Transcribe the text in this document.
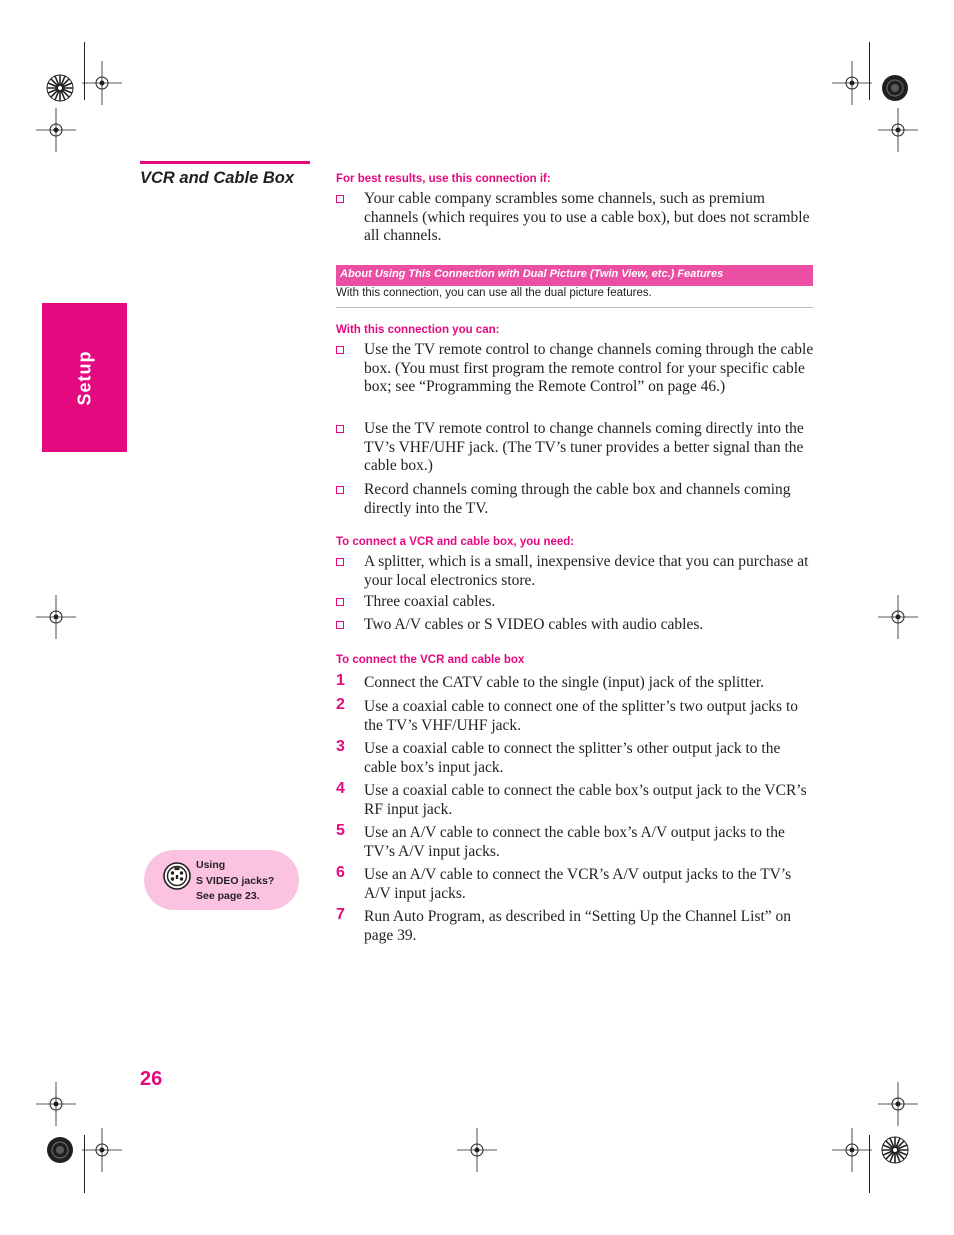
VCR and Cable Box
Setup
For best results, use this connection if:
Your cable company scrambles some channels, such as premium channels (which requires you to use a cable box), but does not scramble all channels.
About Using This Connection with Dual Picture (Twin View, etc.) Features
With this connection, you can use all the dual picture features.
With this connection you can:
Use the TV remote control to change channels coming through the cable box. (You must first program the remote control for your specific cable box; see “Programming the Remote Control” on page 46.)
Use the TV remote control to change channels coming directly into the TV’s VHF/UHF jack. (The TV’s tuner provides a better signal than the cable box.)
Record channels coming through the cable box and channels coming directly into the TV.
To connect a VCR and cable box, you need:
A splitter, which is a small, inexpensive device that you can purchase at your local electronics store.
Three coaxial cables.
Two A/V cables or S VIDEO cables with audio cables.
To connect the VCR and cable box
1 Connect the CATV cable to the single (input) jack of the splitter.
2 Use a coaxial cable to connect one of the splitter’s two output jacks to the TV’s VHF/UHF jack.
3 Use a coaxial cable to connect the splitter’s other output jack to the cable box’s input jack.
4 Use a coaxial cable to connect the cable box’s output jack to the VCR’s RF input jack.
5 Use an A/V cable to connect the cable box’s A/V output jacks to the TV’s A/V input jacks.
6 Use an A/V cable to connect the VCR’s A/V output jacks to the TV’s A/V input jacks.
7 Run Auto Program, as described in “Setting Up the Channel List” on page 39.
Using
S VIDEO jacks?
See page 23.
26
